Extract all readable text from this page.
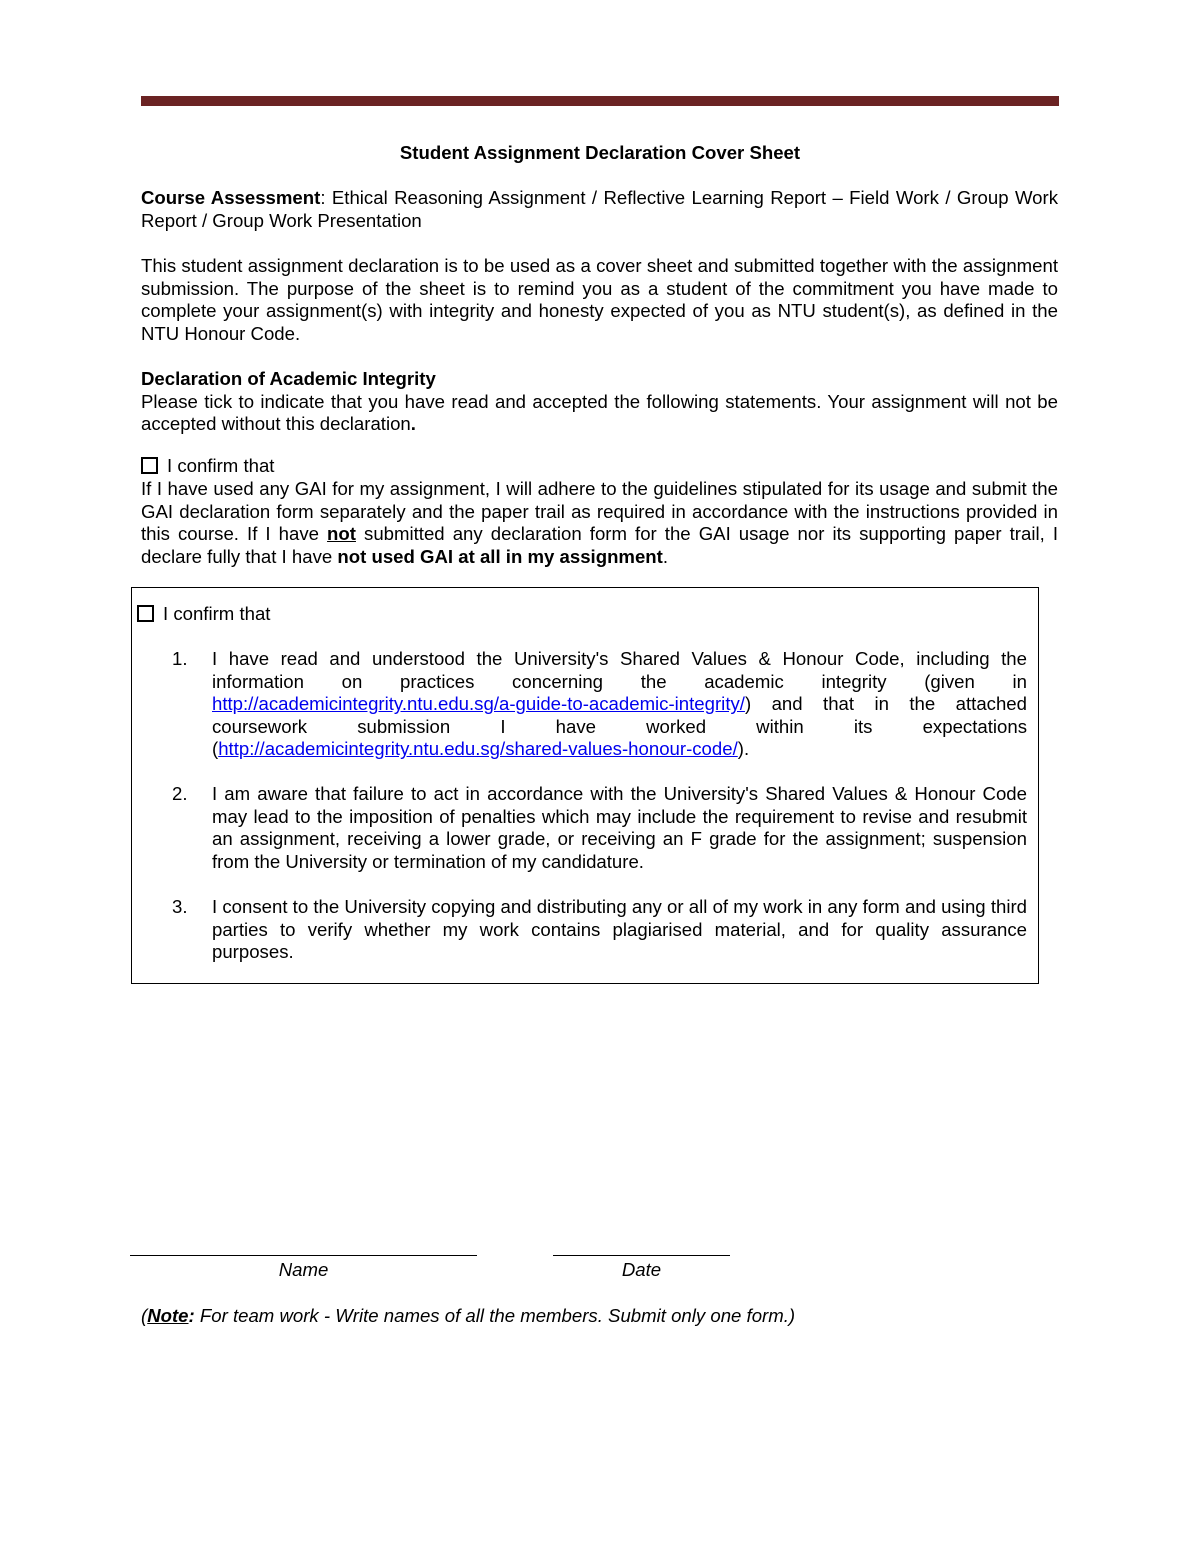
Student Assignment Declaration Cover Sheet
Course Assessment: Ethical Reasoning Assignment / Reflective Learning Report – Field Work / Group Work Report / Group Work Presentation
This student assignment declaration is to be used as a cover sheet and submitted together with the assignment submission. The purpose of the sheet is to remind you as a student of the commitment you have made to complete your assignment(s) with integrity and honesty expected of you as NTU student(s), as defined in the NTU Honour Code.
Declaration of Academic Integrity
Please tick to indicate that you have read and accepted the following statements. Your assignment will not be accepted without this declaration.
I confirm that
If I have used any GAI for my assignment, I will adhere to the guidelines stipulated for its usage and submit the GAI declaration form separately and the paper trail as required in accordance with the instructions provided in this course. If I have not submitted any declaration form for the GAI usage nor its supporting paper trail, I declare fully that I have not used GAI at all in my assignment.
I confirm that
1.	I have read and understood the University's Shared Values & Honour Code, including the information on practices concerning the academic integrity (given in http://academicintegrity.ntu.edu.sg/a-guide-to-academic-integrity/) and that in the attached coursework submission I have worked within its expectations (http://academicintegrity.ntu.edu.sg/shared-values-honour-code/).
2.	I am aware that failure to act in accordance with the University's Shared Values & Honour Code may lead to the imposition of penalties which may include the requirement to revise and resubmit an assignment, receiving a lower grade, or receiving an F grade for the assignment; suspension from the University or termination of my candidature.
3.	I consent to the University copying and distributing any or all of my work in any form and using third parties to verify whether my work contains plagiarised material, and for quality assurance purposes.
Name	Date
(Note: For team work - Write names of all the members. Submit only one form.)
